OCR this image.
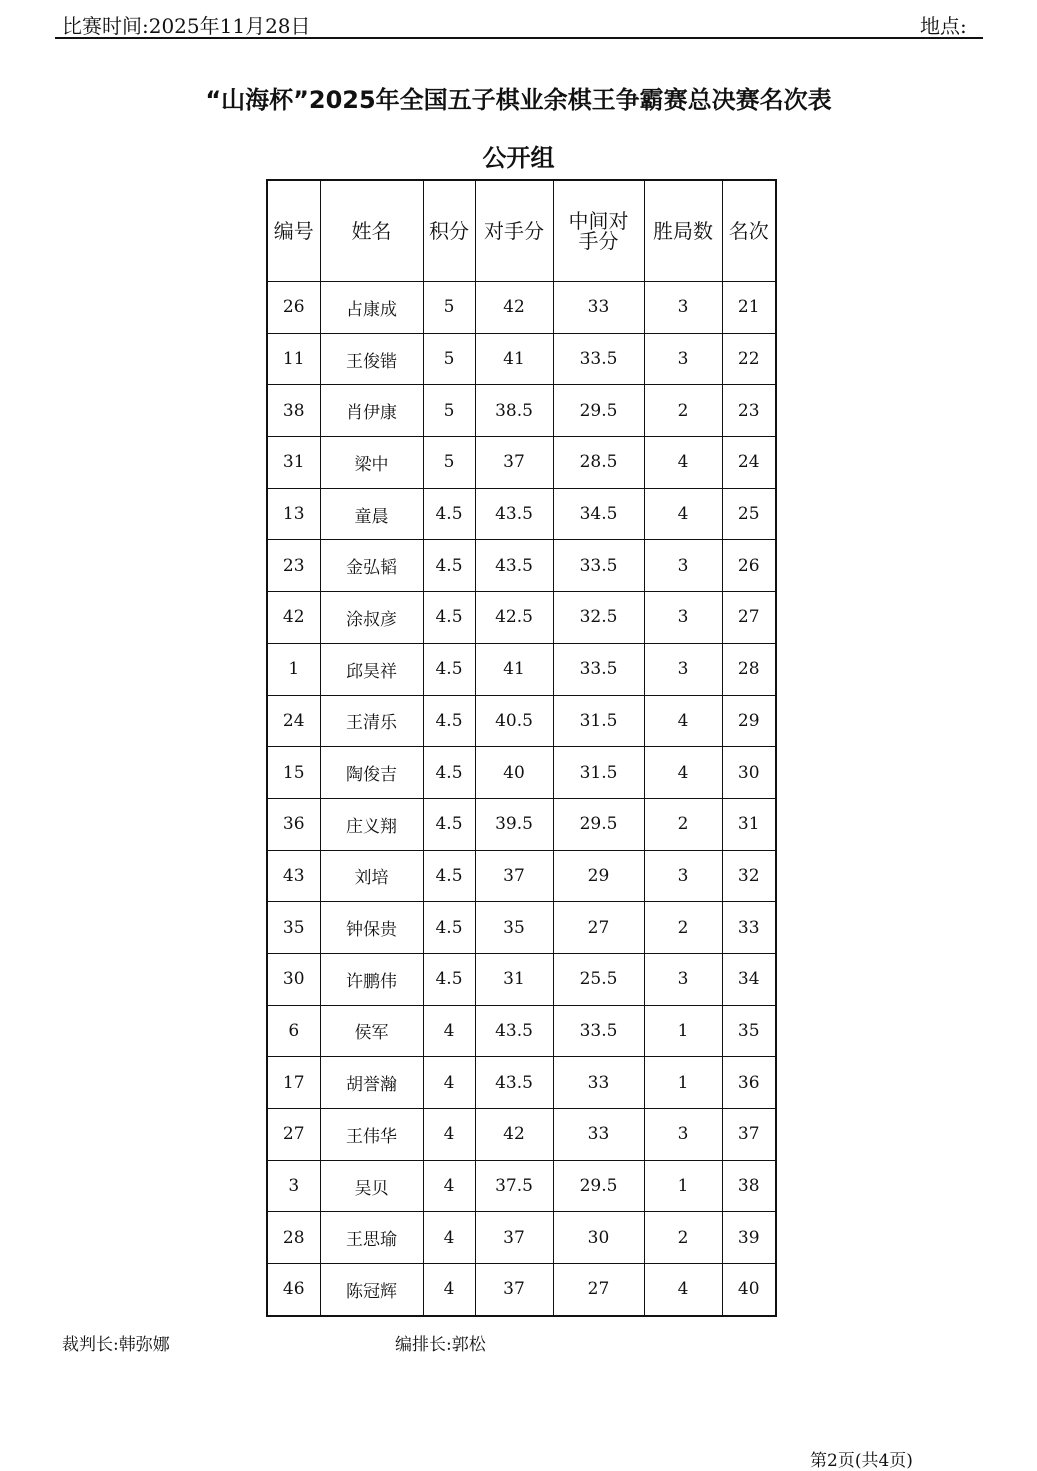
比赛时间:2025年11月28日	地点:
“山海杯”2025年全国五子棋业余棋王争霸赛总决赛名次表
公开组
编号	姓名	积分	对手分	中间对手分	胜局数	名次
26	占康成	5	42	33	3	21
11	王俊锴	5	41	33.5	3	22
38	肖伊康	5	38.5	29.5	2	23
31	梁中	5	37	28.5	4	24
13	童晨	4.5	43.5	34.5	4	25
23	金弘韬	4.5	43.5	33.5	3	26
42	涂叔彦	4.5	42.5	32.5	3	27
1	邱昊祥	4.5	41	33.5	3	28
24	王清乐	4.5	40.5	31.5	4	29
15	陶俊吉	4.5	40	31.5	4	30
36	庄义翔	4.5	39.5	29.5	2	31
43	刘培	4.5	37	29	3	32
35	钟保贵	4.5	35	27	2	33
30	许鹏伟	4.5	31	25.5	3	34
6	侯军	4	43.5	33.5	1	35
17	胡誉瀚	4	43.5	33	1	36
27	王伟华	4	42	33	3	37
3	吴贝	4	37.5	29.5	1	38
28	王思瑜	4	37	30	2	39
46	陈冠辉	4	37	27	4	40
裁判长:韩弥娜	编排长:郭松
第2页(共4页)
